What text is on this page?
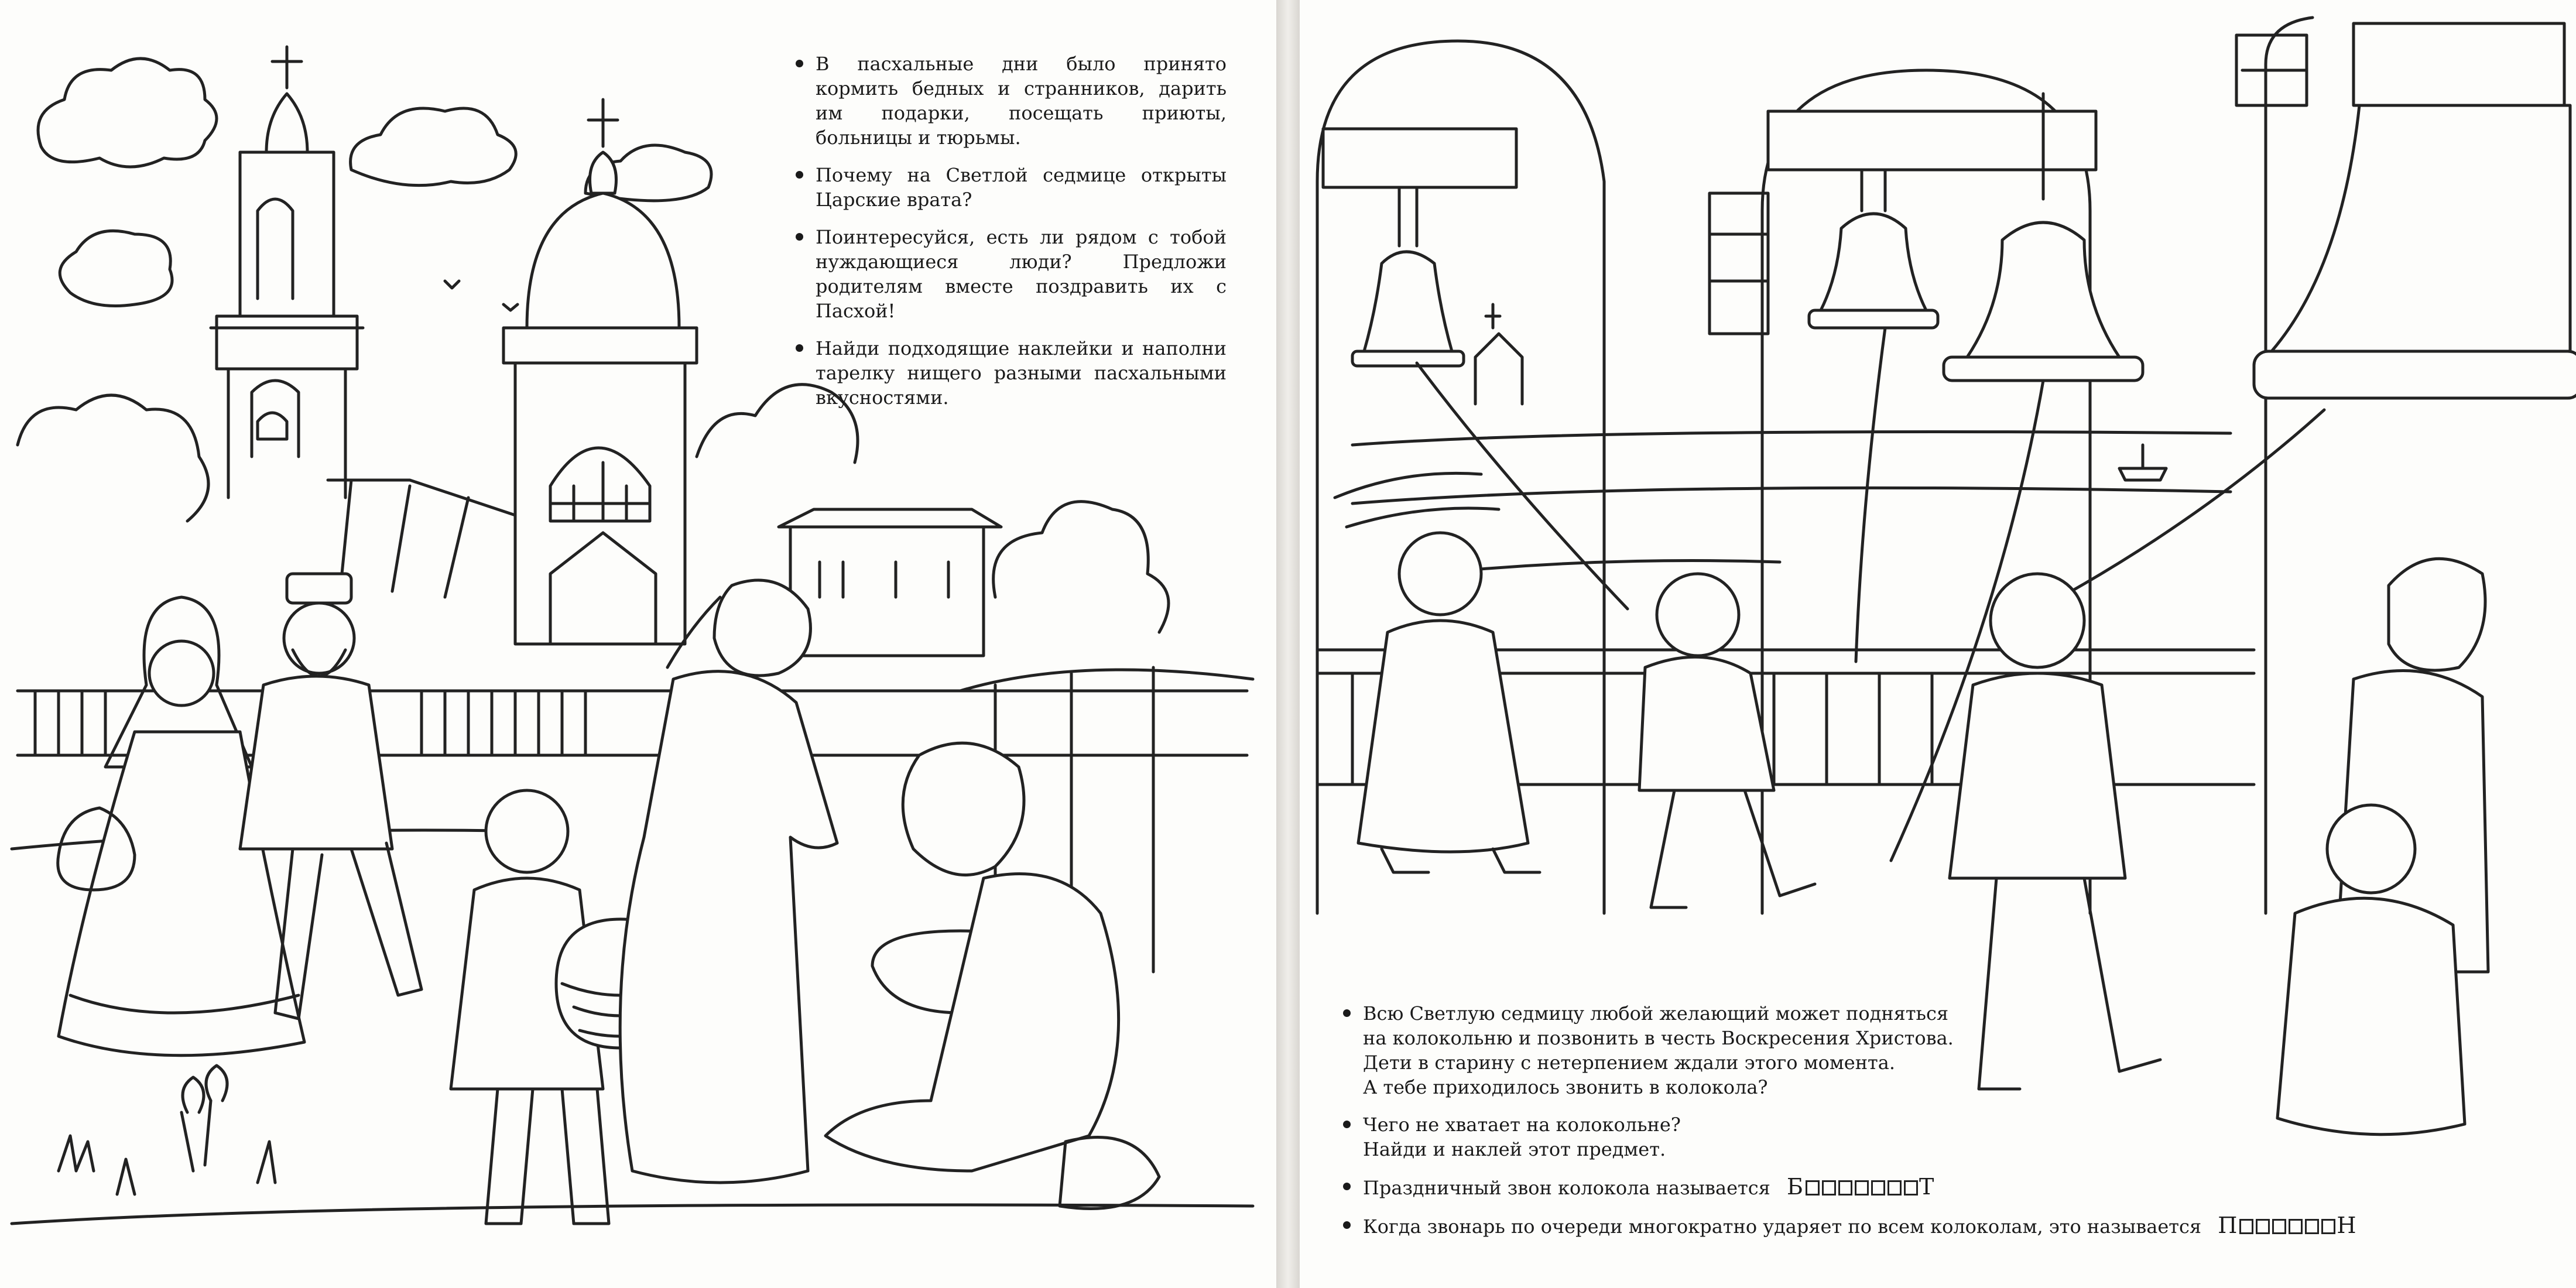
В пасхальные дни было принято кормить бедных и странников, дарить им подарки, посещать приюты, больницы и тюрьмы.
Почему на Светлой седмице открыты Царские врата?
Поинтересуйся, есть ли рядом с тобой нуждающиеся люди? Предложи родителям вместе поздравить их с Пасхой!
Найди подходящие наклейки и наполни тарелку нищего разными пасхальными вкусностями.
Всю Светлую седмицу любой желающий может подняться
на колокольню и позвонить в честь Воскресения Христова.
Дети в старину с нетерпением ждали этого момента.
А тебе приходилось звонить в колокола?
Чего не хватает на колокольне?
Найди и наклей этот предмет.
Праздничный звон колокола называется Б	Т
Когда звонарь по очереди многократно ударяет по всем колоколам, это называется П	Н
